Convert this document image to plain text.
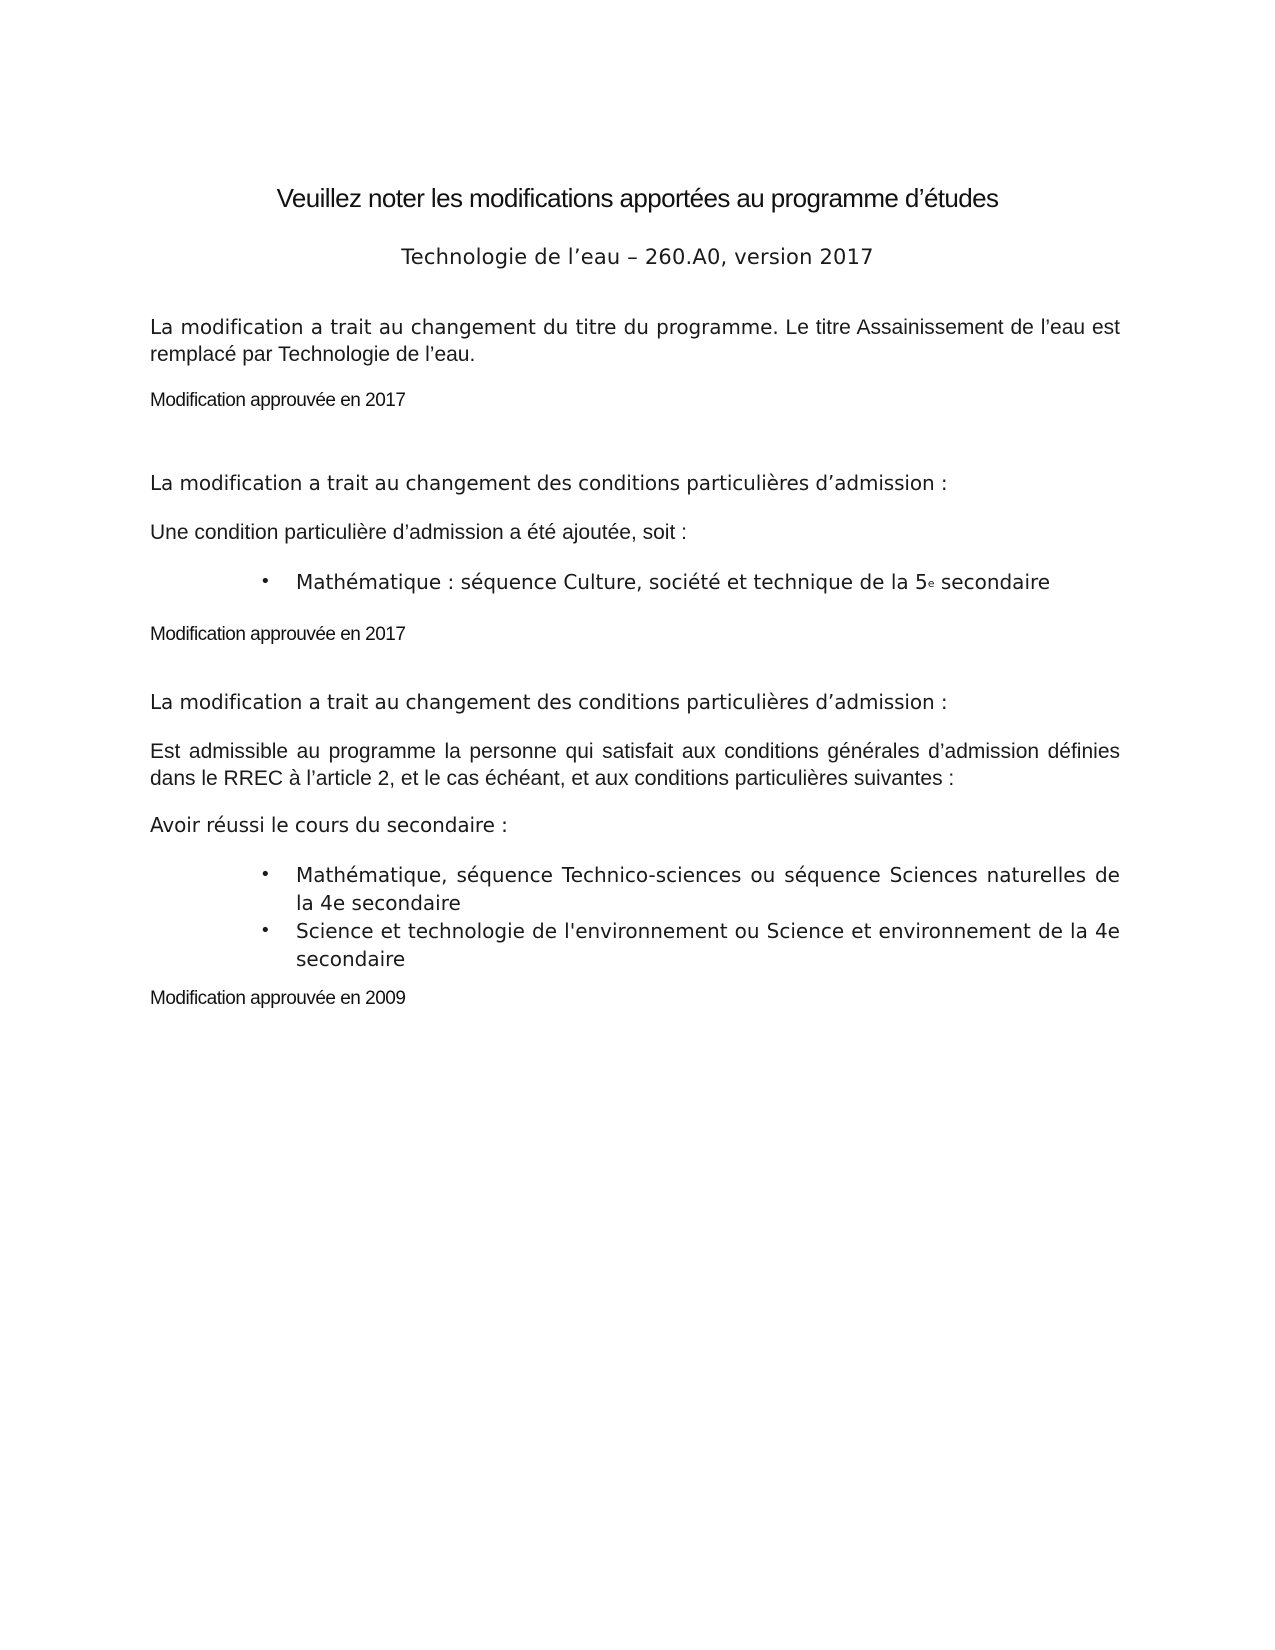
Veuillez noter les modifications apportées au programme d’études
Technologie de l’eau – 260.A0, version 2017

La modification a trait au changement du titre du programme. Le titre Assainissement de l’eau est remplacé par Technologie de l’eau.

Modification approuvée en 2017

La modification a trait au changement des conditions particulières d’admission :

Une condition particulière d’admission a été ajoutée, soit :

• Mathématique : séquence Culture, société et technique de la 5e secondaire

Modification approuvée en 2017

La modification a trait au changement des conditions particulières d’admission :

Est admissible au programme la personne qui satisfait aux conditions générales d’admission définies dans le RREC à l’article 2, et le cas échéant, et aux conditions particulières suivantes :

Avoir réussi le cours du secondaire :

• Mathématique, séquence Technico-sciences ou séquence Sciences naturelles de la 4e secondaire
• Science et technologie de l'environnement ou Science et environnement de la 4e secondaire

Modification approuvée en 2009
